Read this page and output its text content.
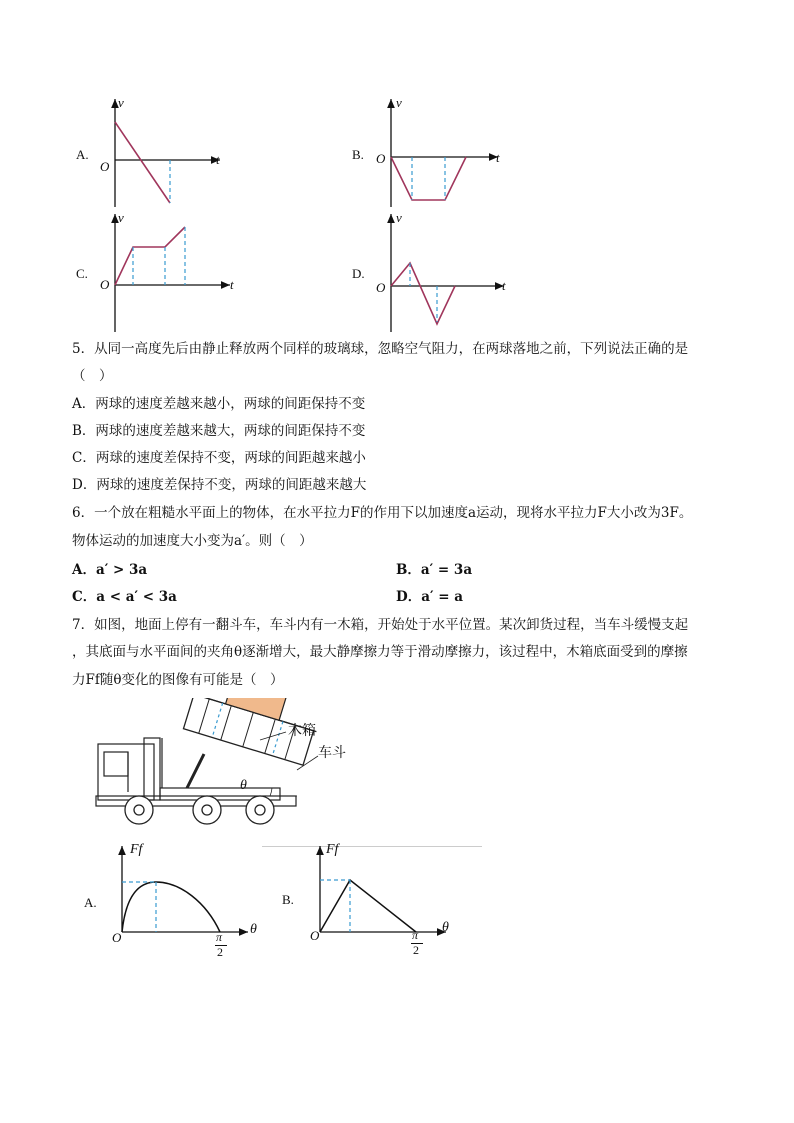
A.
v
t
O
B.
v
t
O
C.
v
t
O
D.
v
t
O
5．从同一高度先后由静止释放两个同样的玻璃球，忽略空气阻力，在两球落地之前，下列说法正确的是
（　）
A．两球的速度差越来越小，两球的间距保持不变
B．两球的速度差越来越大，两球的间距保持不变
C．两球的速度差保持不变，两球的间距越来越小
D．两球的速度差保持不变，两球的间距越来越大
6．一个放在粗糙水平面上的物体，在水平拉力F的作用下以加速度a运动，现将水平拉力F大小改为3F。
物体运动的加速度大小变为a′。则（　）
A．a′ > 3a	B．a′ = 3a
C．a < a′ < 3a	D．a′ = a
7．如图，地面上停有一翻斗车，车斗内有一木箱，开始处于水平位置。某次卸货过程，当车斗缓慢支起
，其底面与水平面间的夹角θ逐渐增大，最大静摩擦力等于滑动摩擦力，该过程中，木箱底面受到的摩擦
力Ff随θ变化的图像有可能是（　）
木箱
车斗
θ
A.
Ff
θ
O	π
2
B.
Ff
θ
O	π
2
